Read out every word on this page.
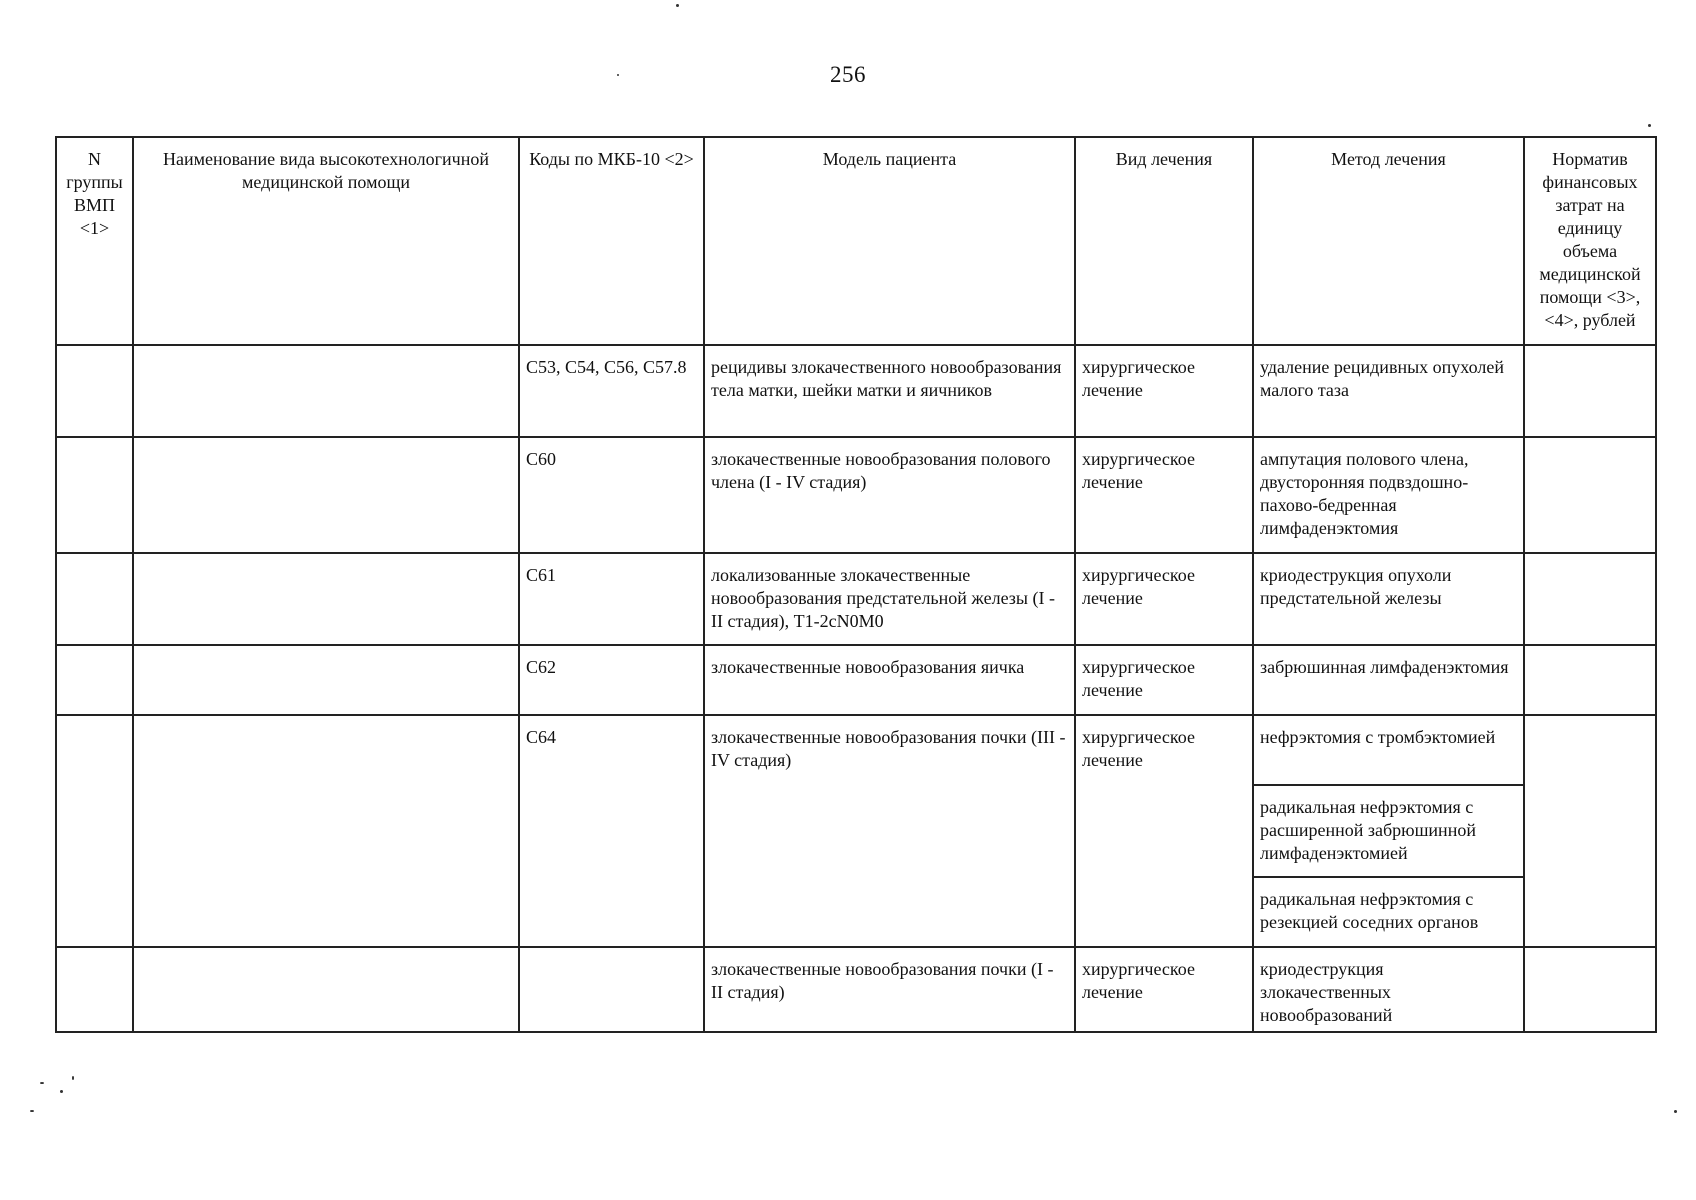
256
N группы ВМП <1>	Наименование вида высокотехнологичной медицинской помощи	Коды по МКБ-10 <2>	Модель пациента	Вид лечения	Метод лечения	Норматив финансовых затрат на единицу объема медицинской помощи <3>, <4>, рублей
		C53, C54, C56, C57.8	рецидивы злокачественного новообразования тела матки, шейки матки и яичников	хирургическое лечение	удаление рецидивных опухолей малого таза	
		C60	злокачественные новообразования полового члена (I - IV стадия)	хирургическое лечение	ампутация полового члена, двусторонняя подвздошно-пахово-бедренная лимфаденэктомия	
		C61	локализованные злокачественные новообразования предстательной железы (I - II стадия), T1-2cN0M0	хирургическое лечение	криодеструкция опухоли предстательной железы	
		C62	злокачественные новообразования яичка	хирургическое лечение	забрюшинная лимфаденэктомия	
		C64	злокачественные новообразования почки (III - IV стадия)	хирургическое лечение	нефрэктомия с тромбэктомией	
					радикальная нефрэктомия с расширенной забрюшинной лимфаденэктомией	
					радикальная нефрэктомия с резекцией соседних органов	
			злокачественные новообразования почки (I - II стадия)	хирургическое лечение	криодеструкция злокачественных новообразований	
